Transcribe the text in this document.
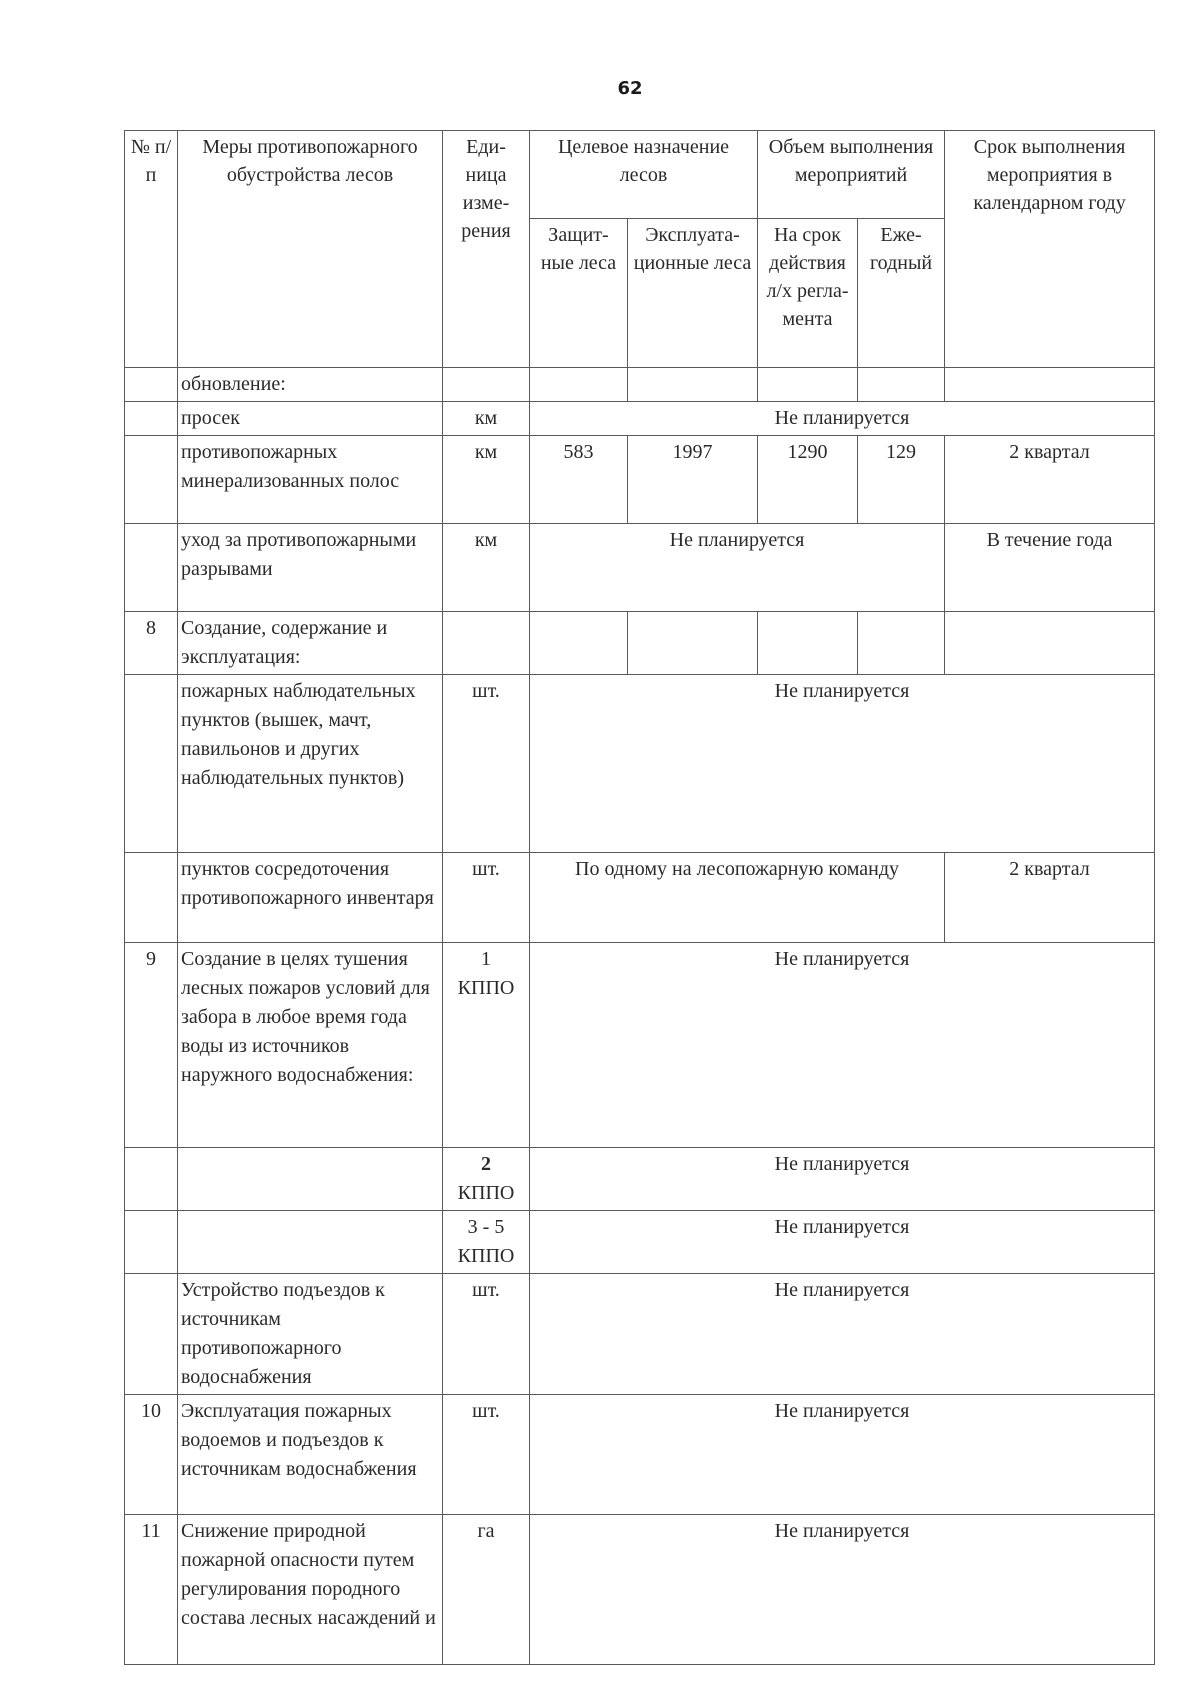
62
№ п/п	Меры противопожарного обустройства лесов	Еди-ница изме-рения	Целевое назначение лесов		Объем выполнения мероприятий		Срок выполнения мероприятия в календарном году
			Защит-ные леса	Эксплуата-ционные леса	На срок действия л/х регла-мента	Еже-годный	
	обновление:						
	просек	км	Не планируется				
	противопожарных минерализованных полос	км	583	1997	1290	129	2 квартал
	уход за противопожарными разрывами	км	Не планируется				В течение года
8	Создание, содержание и эксплуатация:						
	пожарных наблюдательных пунктов (вышек, мачт, павильонов и других наблюдательных пунктов)	шт.	Не планируется				
	пунктов сосредоточения противопожарного инвентаря	шт.	По одному на лесопожарную команду				2 квартал
9	Создание в целях тушения лесных пожаров условий для забора в любое время года воды из источников наружного водоснабжения:	1
КППО	Не планируется				
		2
КППО	Не планируется				
		3 - 5
КППО	Не планируется				
	Устройство подъездов к источникам противопожарного водоснабжения	шт.	Не планируется				
10	Эксплуатация пожарных водоемов и подъездов к источникам водоснабжения	шт.	Не планируется				
11	Снижение природной пожарной опасности путем регулирования породного состава лесных насаждений и	га	Не планируется				
